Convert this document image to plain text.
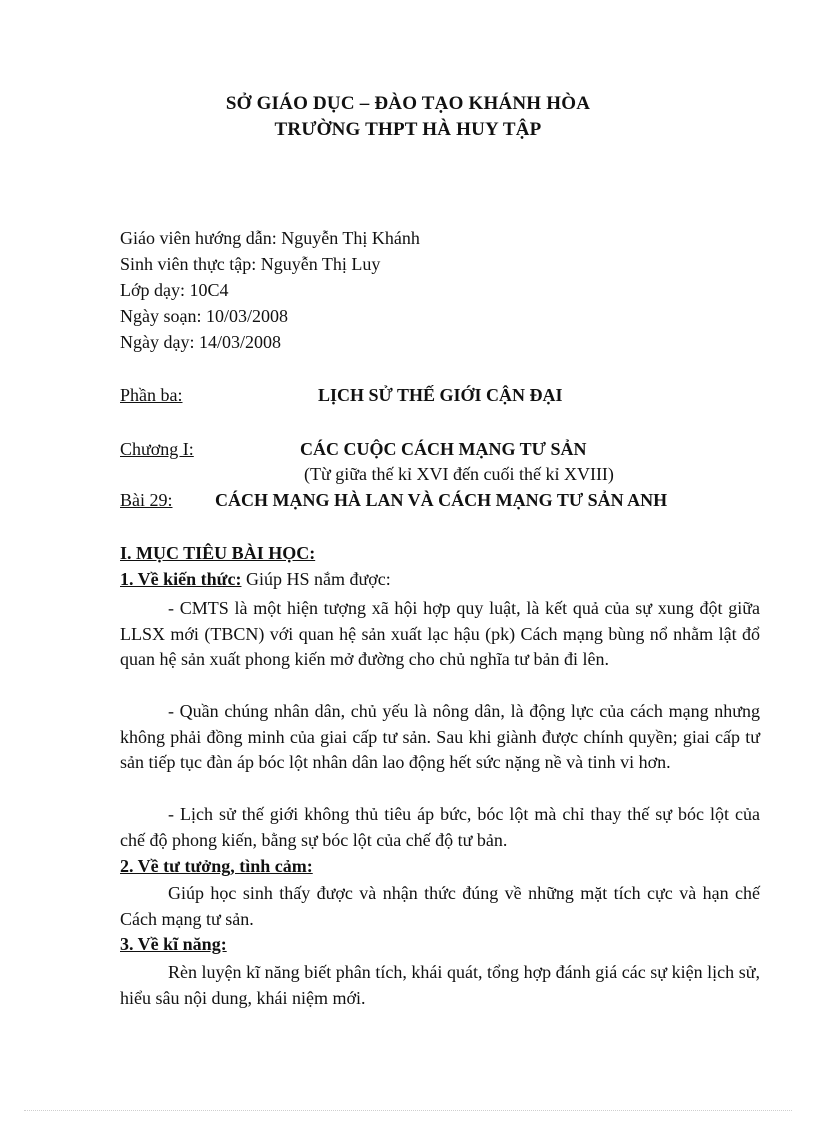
SỞ GIÁO DỤC – ĐÀO TẠO KHÁNH HÒA
TRƯỜNG THPT HÀ HUY TẬP
Giáo viên hướng dẫn: Nguyễn Thị Khánh
Sinh viên thực tập: Nguyễn Thị Luy
Lớp dạy: 10C4
Ngày soạn: 10/03/2008
Ngày dạy: 14/03/2008
Phần ba:	LỊCH SỬ THẾ GIỚI CẬN ĐẠI
Chương I:	CÁC CUỘC CÁCH MẠNG TƯ SẢN
(Từ giữa thế kỉ XVI đến cuối thế kỉ XVIII)
Bài 29: CÁCH MẠNG HÀ LAN VÀ CÁCH MẠNG TƯ SẢN ANH
I. MỤC TIÊU BÀI HỌC:
1. Về kiến thức: Giúp HS nắm được:
- CMTS là một hiện tượng xã hội hợp quy luật, là kết quả của sự xung đột giữa LLSX mới (TBCN) với quan hệ sản xuất lạc hậu (pk) Cách mạng bùng nổ nhằm lật đổ quan hệ sản xuất phong kiến mở đường cho chủ nghĩa tư bản đi lên.
- Quần chúng nhân dân, chủ yếu là nông dân, là động lực của cách mạng nhưng không phải đồng minh của giai cấp tư sản. Sau khi giành được chính quyền; giai cấp tư sản tiếp tục đàn áp bóc lột nhân dân lao động hết sức nặng nề và tinh vi hơn.
- Lịch sử thế giới không thủ tiêu áp bức, bóc lột mà chỉ thay thế sự bóc lột của chế độ phong kiến, bằng sự bóc lột của chế độ tư bản.
2. Về tư tưởng, tình cảm:
Giúp học sinh thấy được và nhận thức đúng về những mặt tích cực và hạn chế Cách mạng tư sản.
3. Về kĩ năng:
Rèn luyện kĩ năng biết phân tích, khái quát, tổng hợp đánh giá các sự kiện lịch sử, hiểu sâu nội dung, khái niệm mới.
